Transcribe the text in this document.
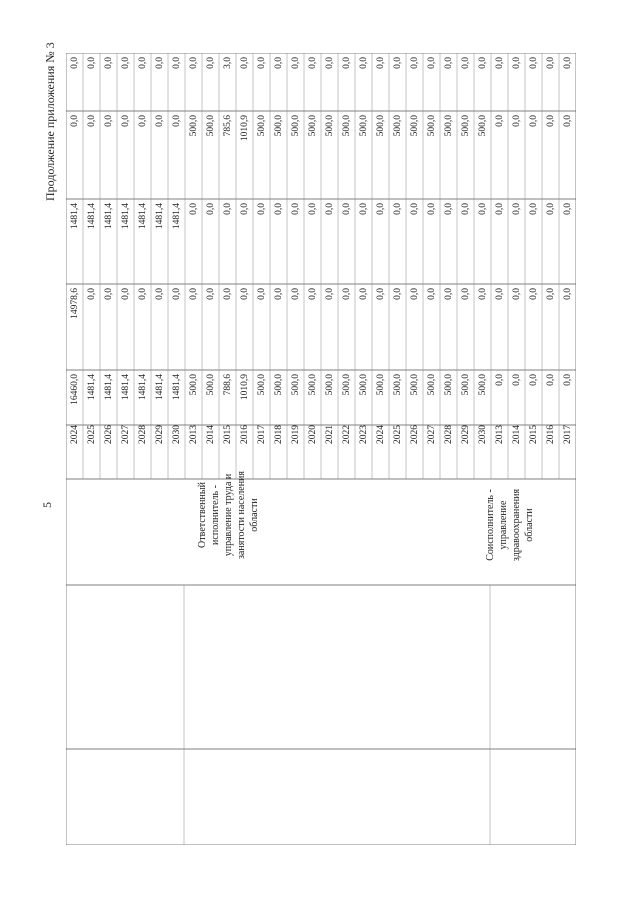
5
Продолжение приложения № 3
2024
16460,0
14978,6
1481,4
0,0
0,0
2025
1481,4
0,0
1481,4
0,0
0,0
2026
1481,4
0,0
1481,4
0,0
0,0
2027
1481,4
0,0
1481,4
0,0
0,0
2028
1481,4
0,0
1481,4
0,0
0,0
2029
1481,4
0,0
1481,4
0,0
0,0
2030
1481,4
0,0
1481,4
0,0
0,0
2013
500,0
0,0
0,0
500,0
0,0
2014
500,0
0,0
0,0
500,0
0,0
2015
788,6
0,0
0,0
785,6
3,0
2016
1010,9
0,0
0,0
1010,9
0,0
2017
500,0
0,0
0,0
500,0
0,0
2018
500,0
0,0
0,0
500,0
0,0
2019
500,0
0,0
0,0
500,0
0,0
2020
500,0
0,0
0,0
500,0
0,0
2021
500,0
0,0
0,0
500,0
0,0
2022
500,0
0,0
0,0
500,0
0,0
2023
500,0
0,0
0,0
500,0
0,0
2024
500,0
0,0
0,0
500,0
0,0
2025
500,0
0,0
0,0
500,0
0,0
2026
500,0
0,0
0,0
500,0
0,0
2027
500,0
0,0
0,0
500,0
0,0
2028
500,0
0,0
0,0
500,0
0,0
2029
500,0
0,0
0,0
500,0
0,0
2030
500,0
0,0
0,0
500,0
0,0
2013
0,0
0,0
0,0
0,0
0,0
2014
0,0
0,0
0,0
0,0
0,0
2015
0,0
0,0
0,0
0,0
0,0
2016
0,0
0,0
0,0
0,0
0,0
2017
0,0
0,0
0,0
0,0
0,0
Ответственный
исполнитель -
управление труда и
занятости населения
области	Соисполнитель -
управление
здравоохранения
области
